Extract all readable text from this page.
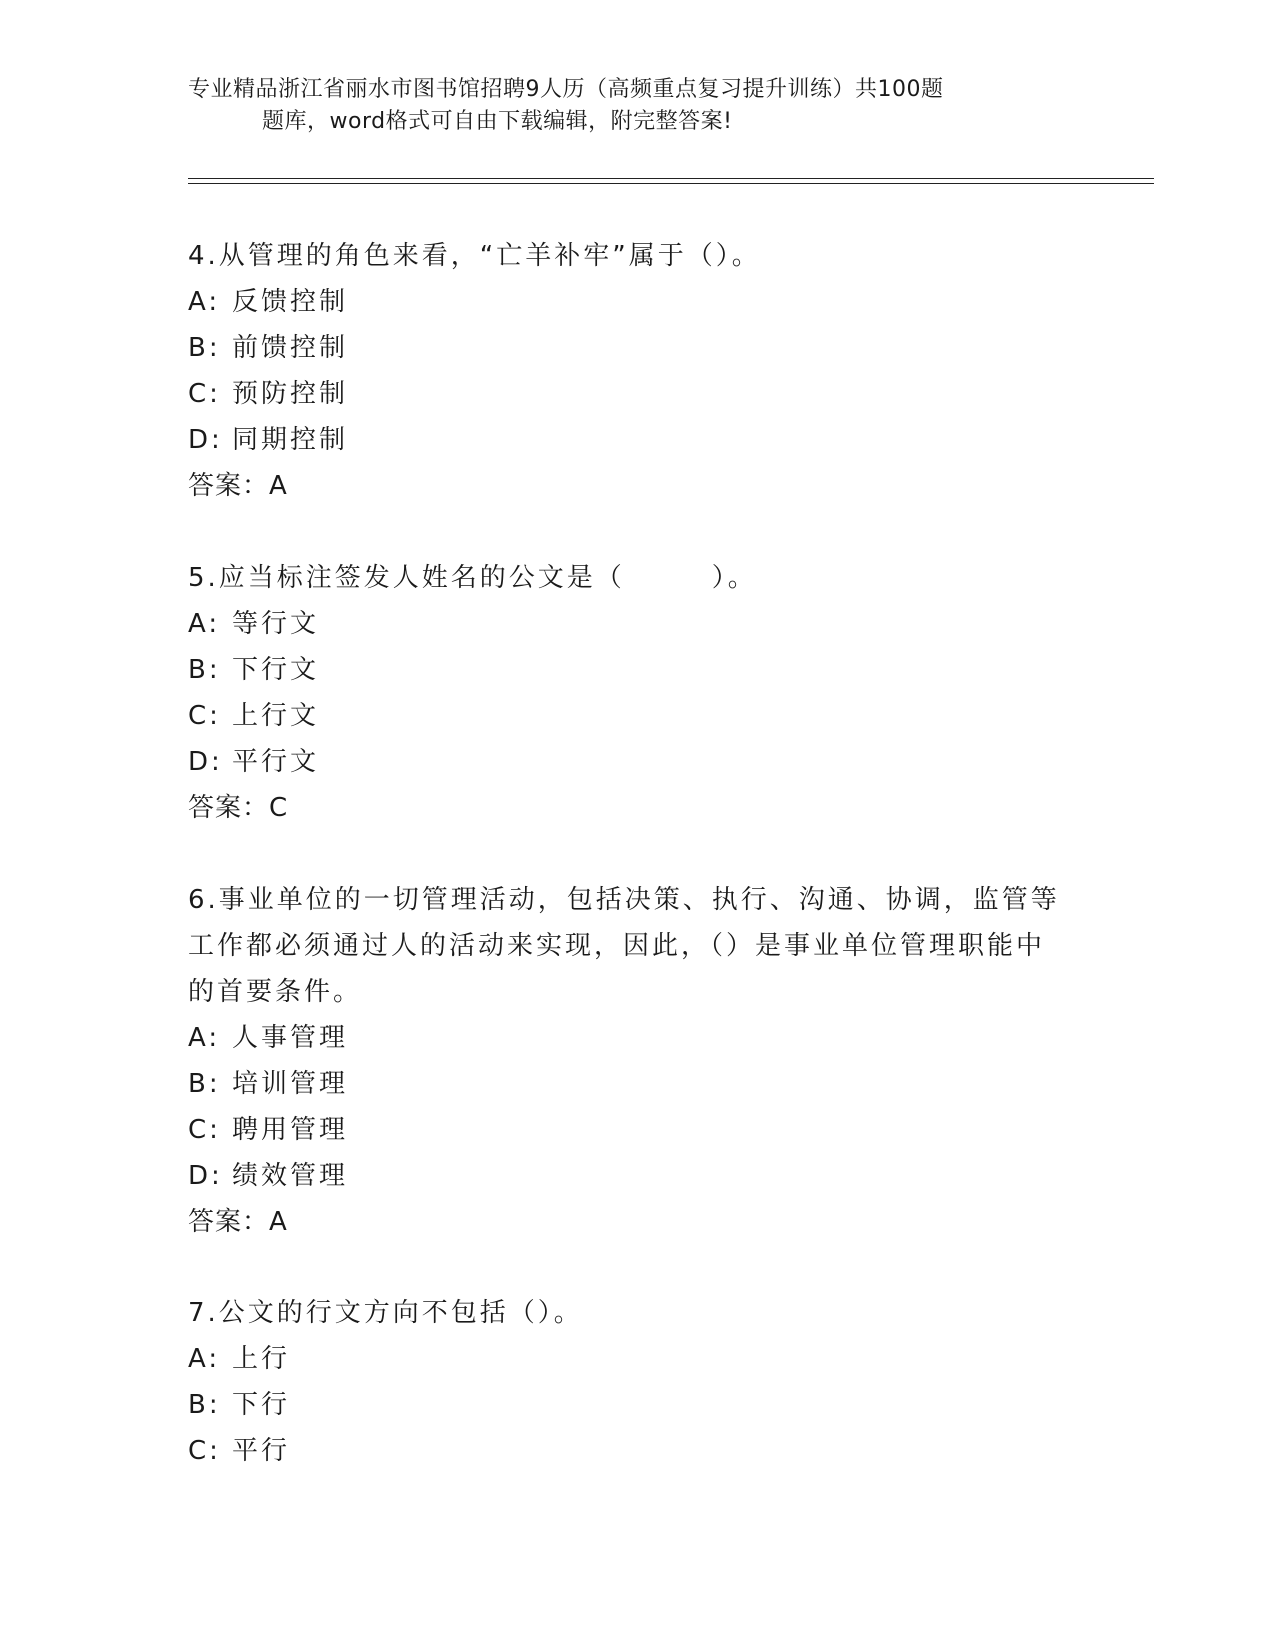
专业精品浙江省丽水市图书馆招聘9人历（高频重点复习提升训练）共100题
题库，word格式可自由下载编辑，附完整答案!
4.从管理的角色来看，“亡羊补牢”属于（）。
A: 反馈控制
B: 前馈控制
C: 预防控制
D: 同期控制
答案：A
5.应当标注签发人姓名的公文是（　　　）。
A: 等行文
B: 下行文
C: 上行文
D: 平行文
答案：C
6.事业单位的一切管理活动，包括决策、执行、沟通、协调，监管等
工作都必须通过人的活动来实现，因此，（）是事业单位管理职能中
的首要条件。
A: 人事管理
B: 培训管理
C: 聘用管理
D: 绩效管理
答案：A
7.公文的行文方向不包括（）。
A: 上行
B: 下行
C: 平行
